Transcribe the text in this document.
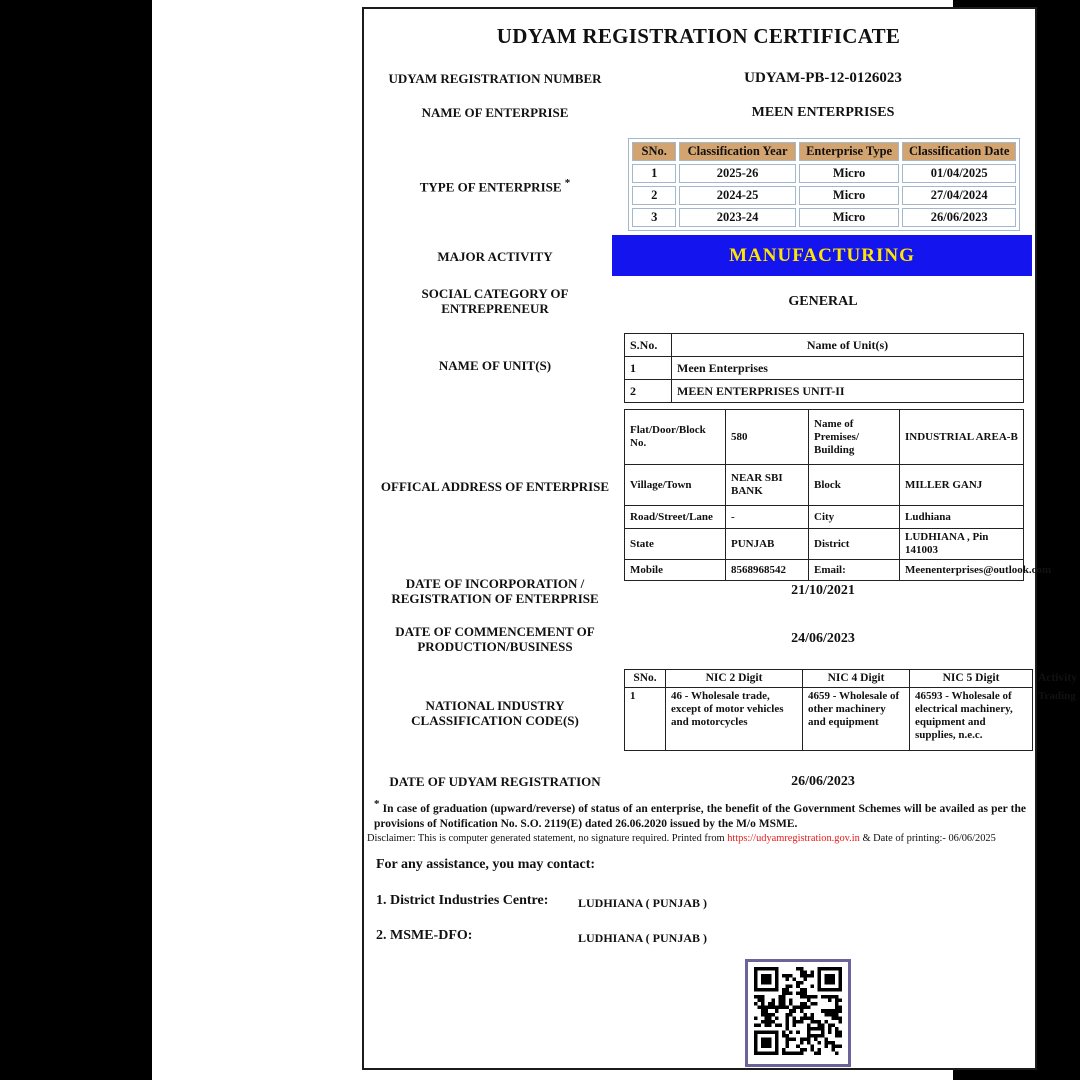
UDYAM REGISTRATION CERTIFICATE
UDYAM REGISTRATION NUMBER	UDYAM-PB-12-0126023
NAME OF ENTERPRISE	MEEN ENTERPRISES
TYPE OF ENTERPRISE *
SNo.	Classification Year	Enterprise Type	Classification Date
1	2025-26	Micro	01/04/2025
2	2024-25	Micro	27/04/2024
3	2023-24	Micro	26/06/2023
MAJOR ACTIVITY	MANUFACTURING
SOCIAL CATEGORY OF ENTREPRENEUR	GENERAL
NAME OF UNIT(S)
S.No.	Name of Unit(s)
1	Meen Enterprises
2	MEEN ENTERPRISES UNIT-II
OFFICAL ADDRESS OF ENTERPRISE
Flat/Door/Block No.	580	Name of Premises/ Building	INDUSTRIAL AREA-B
Village/Town	NEAR SBI BANK	Block	MILLER GANJ
Road/Street/Lane	-	City	Ludhiana
State	PUNJAB	District	LUDHIANA , Pin 141003
Mobile	8568968542	Email:	Meenenterprises@outlook.com
DATE OF INCORPORATION / REGISTRATION OF ENTERPRISE
21/10/2021
DATE OF COMMENCEMENT OF PRODUCTION/BUSINESS
24/06/2023
NATIONAL INDUSTRY CLASSIFICATION CODE(S)
SNo.	NIC 2 Digit	NIC 4 Digit	NIC 5 Digit	Activity
1	46 - Wholesale trade, except of motor vehicles and motorcycles	4659 - Wholesale of other machinery and equipment	46593 - Wholesale of electrical machinery, equipment and supplies, n.e.c.	Trading
DATE OF UDYAM REGISTRATION	26/06/2023
* In case of graduation (upward/reverse) of status of an enterprise, the benefit of the Government Schemes will be availed as per the provisions of Notification No. S.O. 2119(E) dated 26.06.2020 issued by the M/o MSME.
Disclaimer: This is computer generated statement, no signature required. Printed from https://udyamregistration.gov.in & Date of printing:- 06/06/2025
For any assistance, you may contact:
1. District Industries Centre:	LUDHIANA ( PUNJAB )
2. MSME-DFO:	LUDHIANA ( PUNJAB )
